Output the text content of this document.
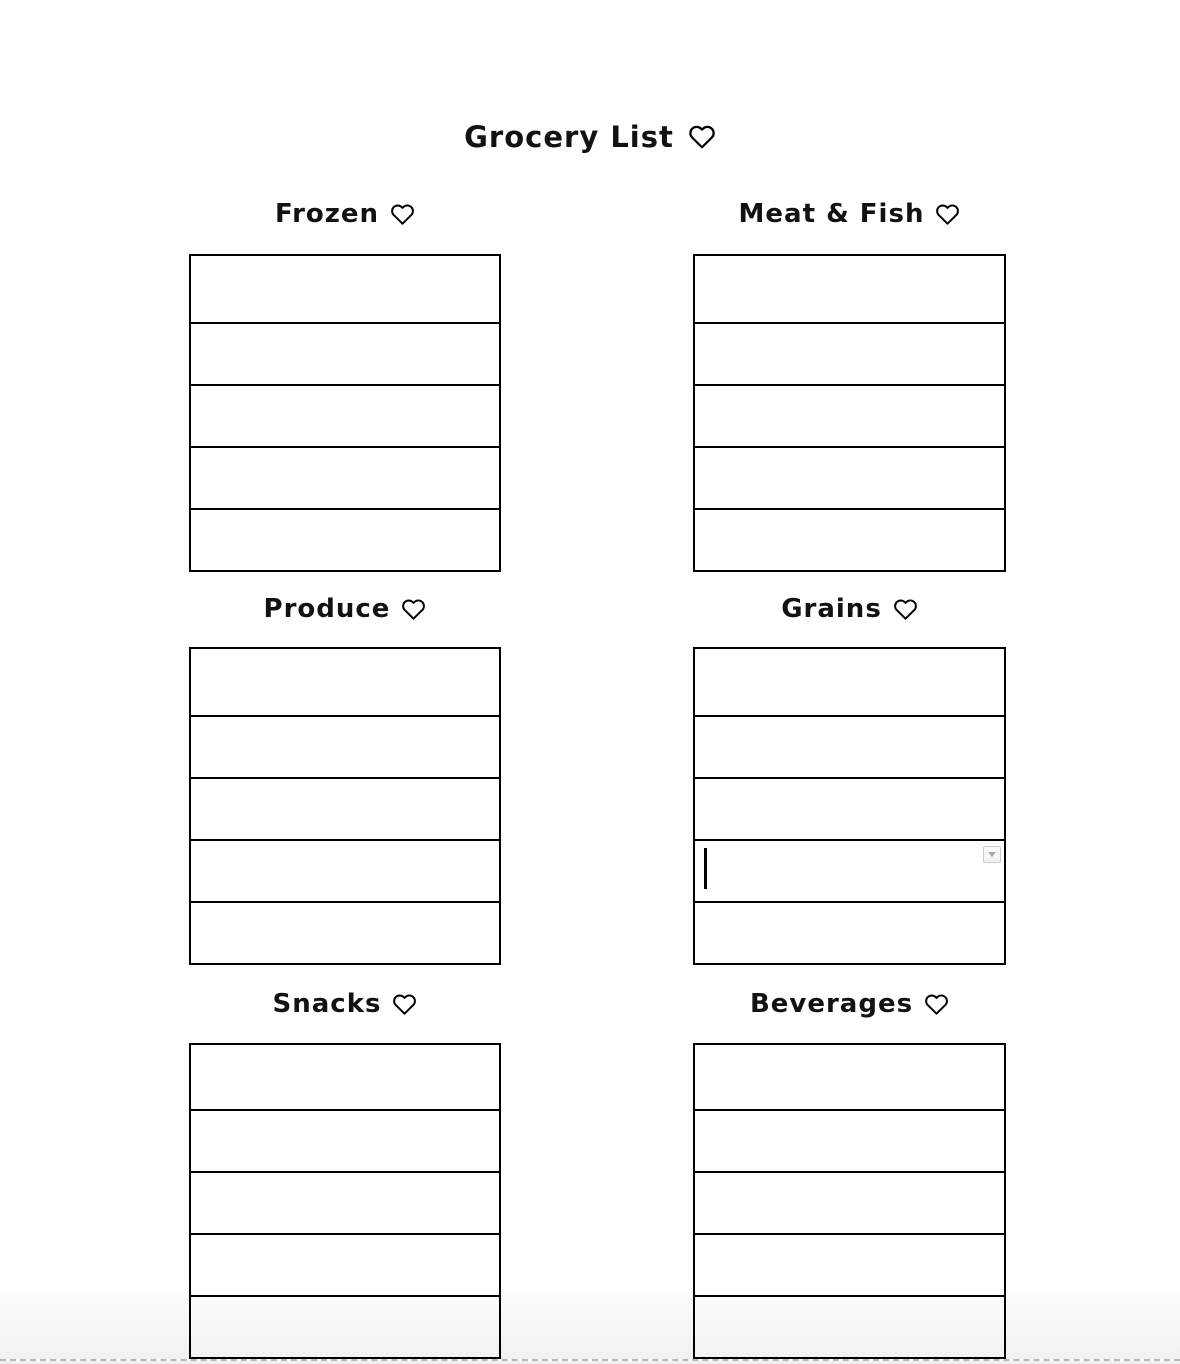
Grocery List
Frozen	Meat & Fish
Produce	Grains
Snacks	Beverages
